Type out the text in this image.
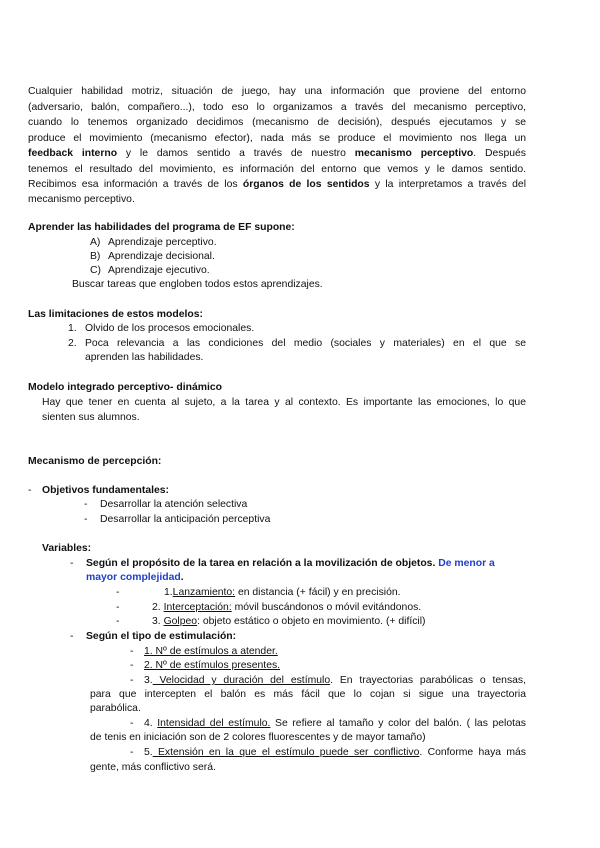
Cualquier habilidad motriz, situación de juego, hay una información que proviene del entorno
(adversario, balón, compañero...), todo eso lo organizamos a través del mecanismo perceptivo,
cuando lo tenemos organizado decidimos (mecanismo de decisión), después ejecutamos y se
produce el movimiento (mecanismo efector), nada más se produce el movimiento nos llega un
feedback interno y le damos sentido a través de nuestro mecanismo perceptivo. Después
tenemos el resultado del movimiento, es información del entorno que vemos y le damos sentido.
Recibimos esa información a través de los órganos de los sentidos y la interpretamos a través del
mecanismo perceptivo.
Aprender las habilidades del programa de EF supone:
A) Aprendizaje perceptivo.
B) Aprendizaje decisional.
C) Aprendizaje ejecutivo.
Buscar tareas que engloben todos estos aprendizajes.
Las limitaciones de estos modelos:
1. Olvido de los procesos emocionales.
2. Poca relevancia a las condiciones del medio (sociales y materiales) en el que se
aprenden las habilidades.
Modelo integrado perceptivo- dinámico
Hay que tener en cuenta al sujeto, a la tarea y al contexto. Es importante las emociones, lo que
sienten sus alumnos.
Mecanismo de percepción:
- Objetivos fundamentales:
- Desarrollar la atención selectiva
- Desarrollar la anticipación perceptiva
Variables:
- Según el propósito de la tarea en relación a la movilización de objetos. De menor a
mayor complejidad.
-	1.Lanzamiento: en distancia (+ fácil) y en precisión.
-	2. Interceptación: móvil buscándonos o móvil evitándonos.
-	3. Golpeo: objeto estático o objeto en movimiento. (+ difícil)
- Según el tipo de estimulación:
- 1. Nº de estímulos a atender.
- 2. Nº de estímulos presentes.
- 3. Velocidad y duración del estímulo. En trayectorias parabólicas o tensas,
para que intercepten el balón es más fácil que lo cojan si sigue una trayectoria
parabólica.
- 4. Intensidad del estímulo. Se refiere al tamaño y color del balón. ( las pelotas
de tenis en iniciación son de 2 colores fluorescentes y de mayor tamaño)
- 5. Extensión en la que el estímulo puede ser conflictivo. Conforme haya más
gente, más conflictivo será.
